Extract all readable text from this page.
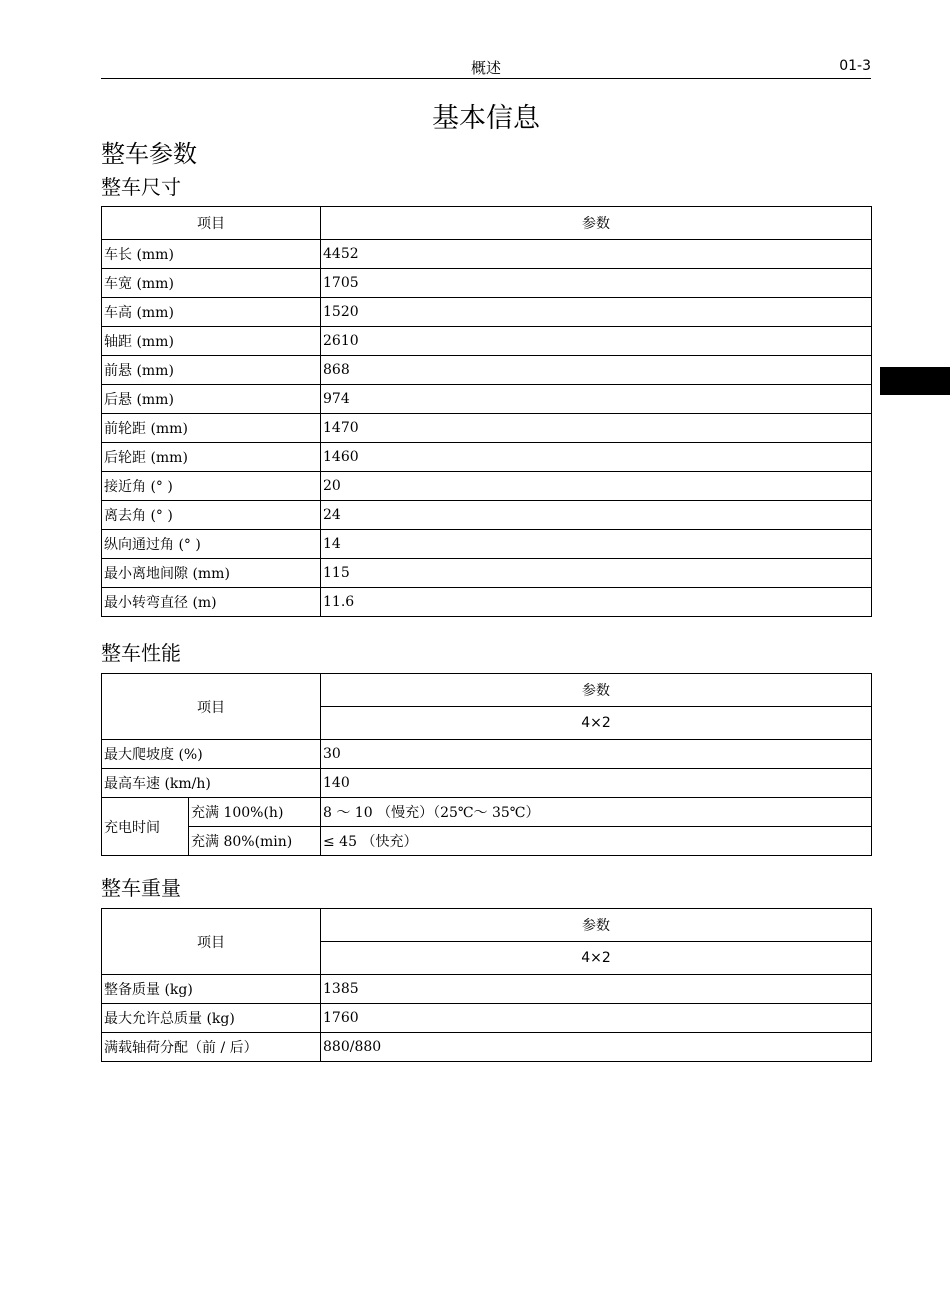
概述	01-3
基本信息
整车参数
整车尺寸
项目	参数
车长 (mm)	4452
车宽 (mm)	1705
车高 (mm)	1520
轴距 (mm)	2610
前悬 (mm)	868
后悬 (mm)	974
前轮距 (mm)	1470
后轮距 (mm)	1460
接近角 (° )	20
离去角 (° )	24
纵向通过角 (° )	14
最小离地间隙 (mm)	115
最小转弯直径 (m)	11.6
整车性能
项目		参数
		4×2
最大爬坡度 (%)		30
最高车速 (km/h)		140
充电时间	充满 100%(h)	8 ～ 10 （慢充）（25℃～ 35℃）
	充满 80%(min)	≤ 45 （快充）
整车重量
项目	参数
	4×2
整备质量 (kg)	1385
最大允许总质量 (kg)	1760
满载轴荷分配（前 / 后）	880/880
